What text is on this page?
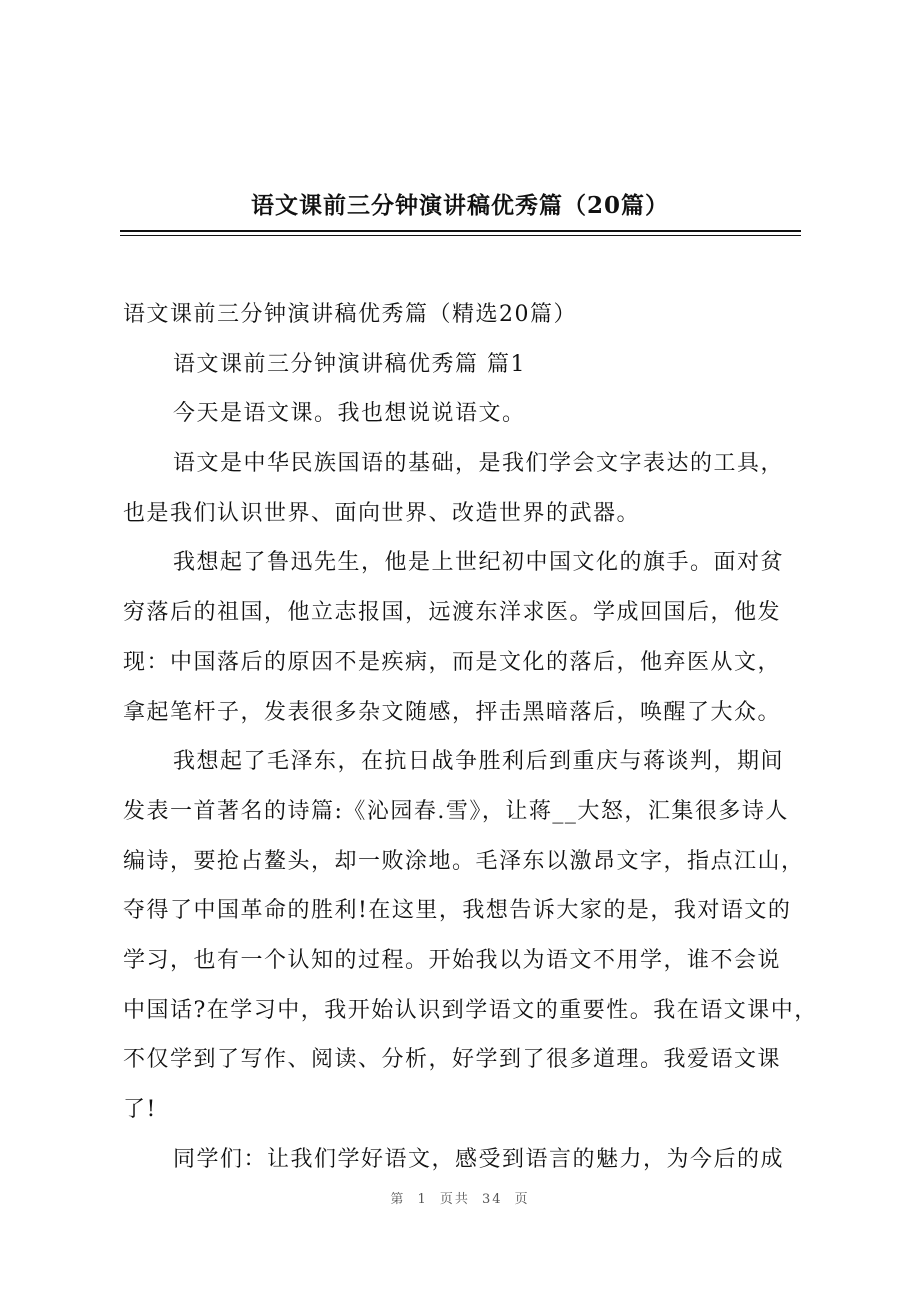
语文课前三分钟演讲稿优秀篇（20篇）
语文课前三分钟演讲稿优秀篇（精选20篇）
语文课前三分钟演讲稿优秀篇 篇1
今天是语文课。我也想说说语文。
语文是中华民族国语的基础，是我们学会文字表达的工具，
也是我们认识世界、面向世界、改造世界的武器。
我想起了鲁迅先生，他是上世纪初中国文化的旗手。面对贫
穷落后的祖国，他立志报国，远渡东洋求医。学成回国后，他发
现：中国落后的原因不是疾病，而是文化的落后，他弃医从文，
拿起笔杆子，发表很多杂文随感，抨击黑暗落后，唤醒了大众。
我想起了毛泽东，在抗日战争胜利后到重庆与蒋谈判，期间
发表一首著名的诗篇:《沁园春.雪》，让蒋__大怒，汇集很多诗人
编诗，要抢占鳌头，却一败涂地。毛泽东以激昂文字，指点江山，
夺得了中国革命的胜利!在这里，我想告诉大家的是，我对语文的
学习，也有一个认知的过程。开始我以为语文不用学，谁不会说
中国话?在学习中，我开始认识到学语文的重要性。我在语文课中，
不仅学到了写作、阅读、分析，好学到了很多道理。我爱语文课
了!
同学们：让我们学好语文，感受到语言的魅力，为今后的成
第 1 页共 34 页
